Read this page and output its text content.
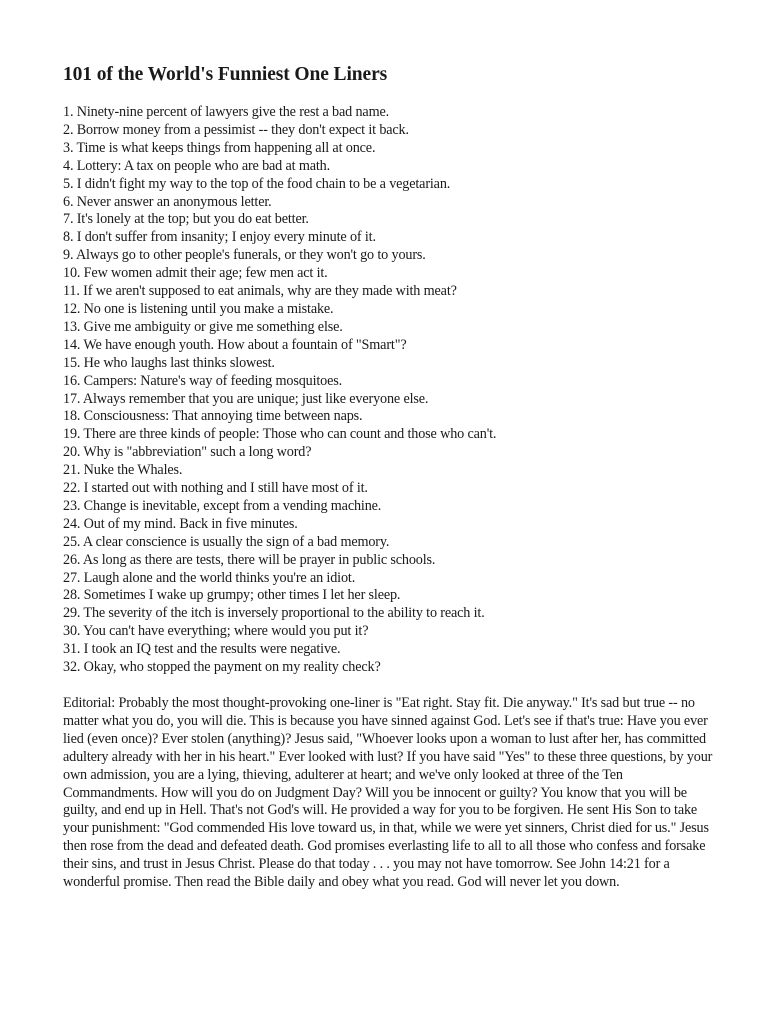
101 of the World's Funniest One Liners
1. Ninety-nine percent of lawyers give the rest a bad name.
2. Borrow money from a pessimist -- they don't expect it back.
3. Time is what keeps things from happening all at once.
4. Lottery: A tax on people who are bad at math.
5. I didn't fight my way to the top of the food chain to be a vegetarian.
6. Never answer an anonymous letter.
7. It's lonely at the top; but you do eat better.
8. I don't suffer from insanity; I enjoy every minute of it.
9. Always go to other people's funerals, or they won't go to yours.
10. Few women admit their age; few men act it.
11. If we aren't supposed to eat animals, why are they made with meat?
12. No one is listening until you make a mistake.
13. Give me ambiguity or give me something else.
14. We have enough youth. How about a fountain of "Smart"?
15. He who laughs last thinks slowest.
16. Campers: Nature's way of feeding mosquitoes.
17. Always remember that you are unique; just like everyone else.
18. Consciousness: That annoying time between naps.
19. There are three kinds of people: Those who can count and those who can't.
20. Why is "abbreviation" such a long word?
21. Nuke the Whales.
22. I started out with nothing and I still have most of it.
23. Change is inevitable, except from a vending machine.
24. Out of my mind. Back in five minutes.
25. A clear conscience is usually the sign of a bad memory.
26. As long as there are tests, there will be prayer in public schools.
27. Laugh alone and the world thinks you're an idiot.
28. Sometimes I wake up grumpy; other times I let her sleep.
29. The severity of the itch is inversely proportional to the ability to reach it.
30. You can't have everything; where would you put it?
31. I took an IQ test and the results were negative.
32. Okay, who stopped the payment on my reality check?

Editorial: Probably the most thought-provoking one-liner is "Eat right. Stay fit. Die anyway." It's sad but true -- no matter what you do, you will die. This is because you have sinned against God. Let's see if that's true: Have you ever lied (even once)? Ever stolen (anything)? Jesus said, "Whoever looks upon a woman to lust after her, has committed adultery already with her in his heart." Ever looked with lust? If you have said "Yes" to these three questions, by your own admission, you are a lying, thieving, adulterer at heart; and we've only looked at three of the Ten Commandments. How will you do on Judgment Day? Will you be innocent or guilty? You know that you will be guilty, and end up in Hell. That's not God's will. He provided a way for you to be forgiven. He sent His Son to take your punishment: "God commended His love toward us, in that, while we were yet sinners, Christ died for us." Jesus then rose from the dead and defeated death. God promises everlasting life to all to all those who confess and forsake their sins, and trust in Jesus Christ. Please do that today . . . you may not have tomorrow. See John 14:21 for a wonderful promise. Then read the Bible daily and obey what you read. God will never let you down.
